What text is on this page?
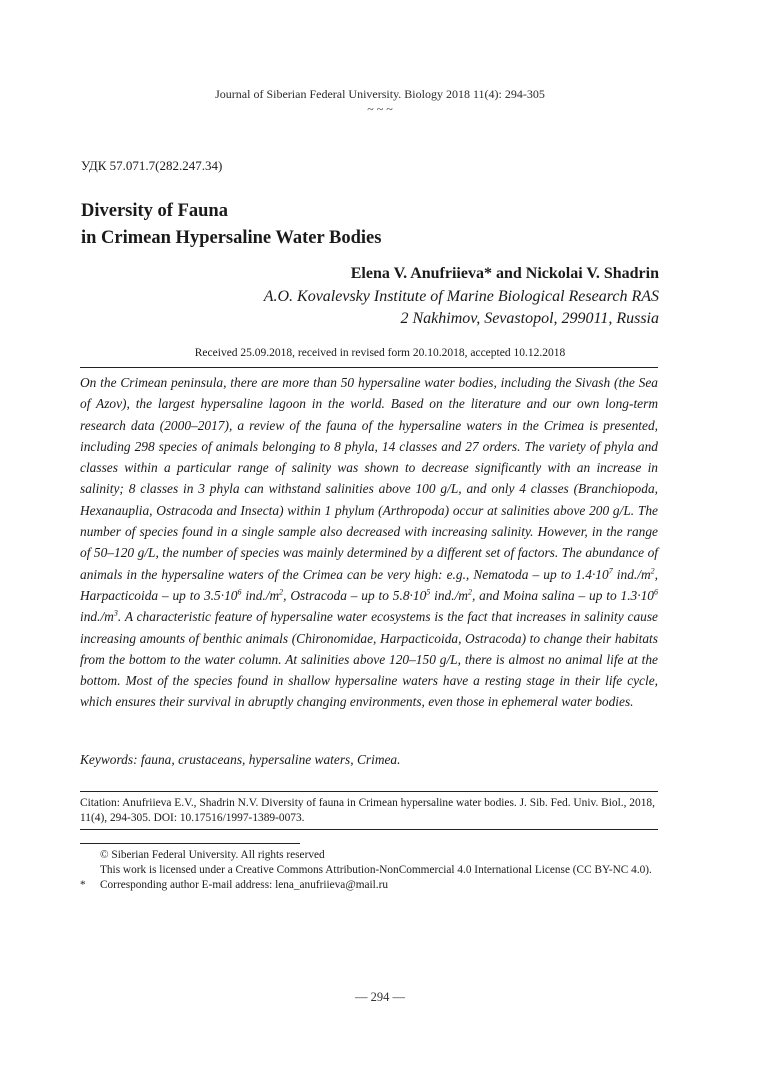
Journal of Siberian Federal University. Biology 2018 11(4): 294-305
~ ~ ~
УДК 57.071.7(282.247.34)
Diversity of Fauna
in Crimean Hypersaline Water Bodies
Elena V. Anufriieva* and Nickolai V. Shadrin
A.O. Kovalevsky Institute of Marine Biological Research RAS
2 Nakhimov, Sevastopol, 299011, Russia
Received 25.09.2018, received in revised form 20.10.2018, accepted 10.12.2018
On the Crimean peninsula, there are more than 50 hypersaline water bodies, including the Sivash (the Sea of Azov), the largest hypersaline lagoon in the world. Based on the literature and our own long-term research data (2000–2017), a review of the fauna of the hypersaline waters in the Crimea is presented, including 298 species of animals belonging to 8 phyla, 14 classes and 27 orders. The variety of phyla and classes within a particular range of salinity was shown to decrease significantly with an increase in salinity; 8 classes in 3 phyla can withstand salinities above 100 g/L, and only 4 classes (Branchiopoda, Hexanauplia, Ostracoda and Insecta) within 1 phylum (Arthropoda) occur at salinities above 200 g/L. The number of species found in a single sample also decreased with increasing salinity. However, in the range of 50–120 g/L, the number of species was mainly determined by a different set of factors. The abundance of animals in the hypersaline waters of the Crimea can be very high: e.g., Nematoda – up to $1.4\cdot 10^7$ $ind./m^2$, Harpacticoida – up to $3.5\cdot 10^6$ $ind./m^2$, Ostracoda – up to $5.8\cdot 10^5$ $ind./m^2$, and Moina salina – up to $1.3\cdot 10^6$ $ind./m^3$. A characteristic feature of hypersaline water ecosystems is the fact that increases in salinity cause increasing amounts of benthic animals (Chironomidae, Harpacticoida, Ostracoda) to change their habitats from the bottom to the water column. At salinities above 120–150 g/L, there is almost no animal life at the bottom. Most of the species found in shallow hypersaline waters have a resting stage in their life cycle, which ensures their survival in abruptly changing environments, even those in ephemeral water bodies.
Keywords: fauna, crustaceans, hypersaline waters, Crimea.
Citation: Anufriieva E.V., Shadrin N.V. Diversity of fauna in Crimean hypersaline water bodies. J. Sib. Fed. Univ. Biol., 2018, 11(4), 294-305. DOI: 10.17516/1997-1389-0073.
© Siberian Federal University. All rights reserved
This work is licensed under a Creative Commons Attribution-NonCommercial 4.0 International License (CC BY-NC 4.0).
* Corresponding author E-mail address: lena_anufriieva@mail.ru
— 294 —
